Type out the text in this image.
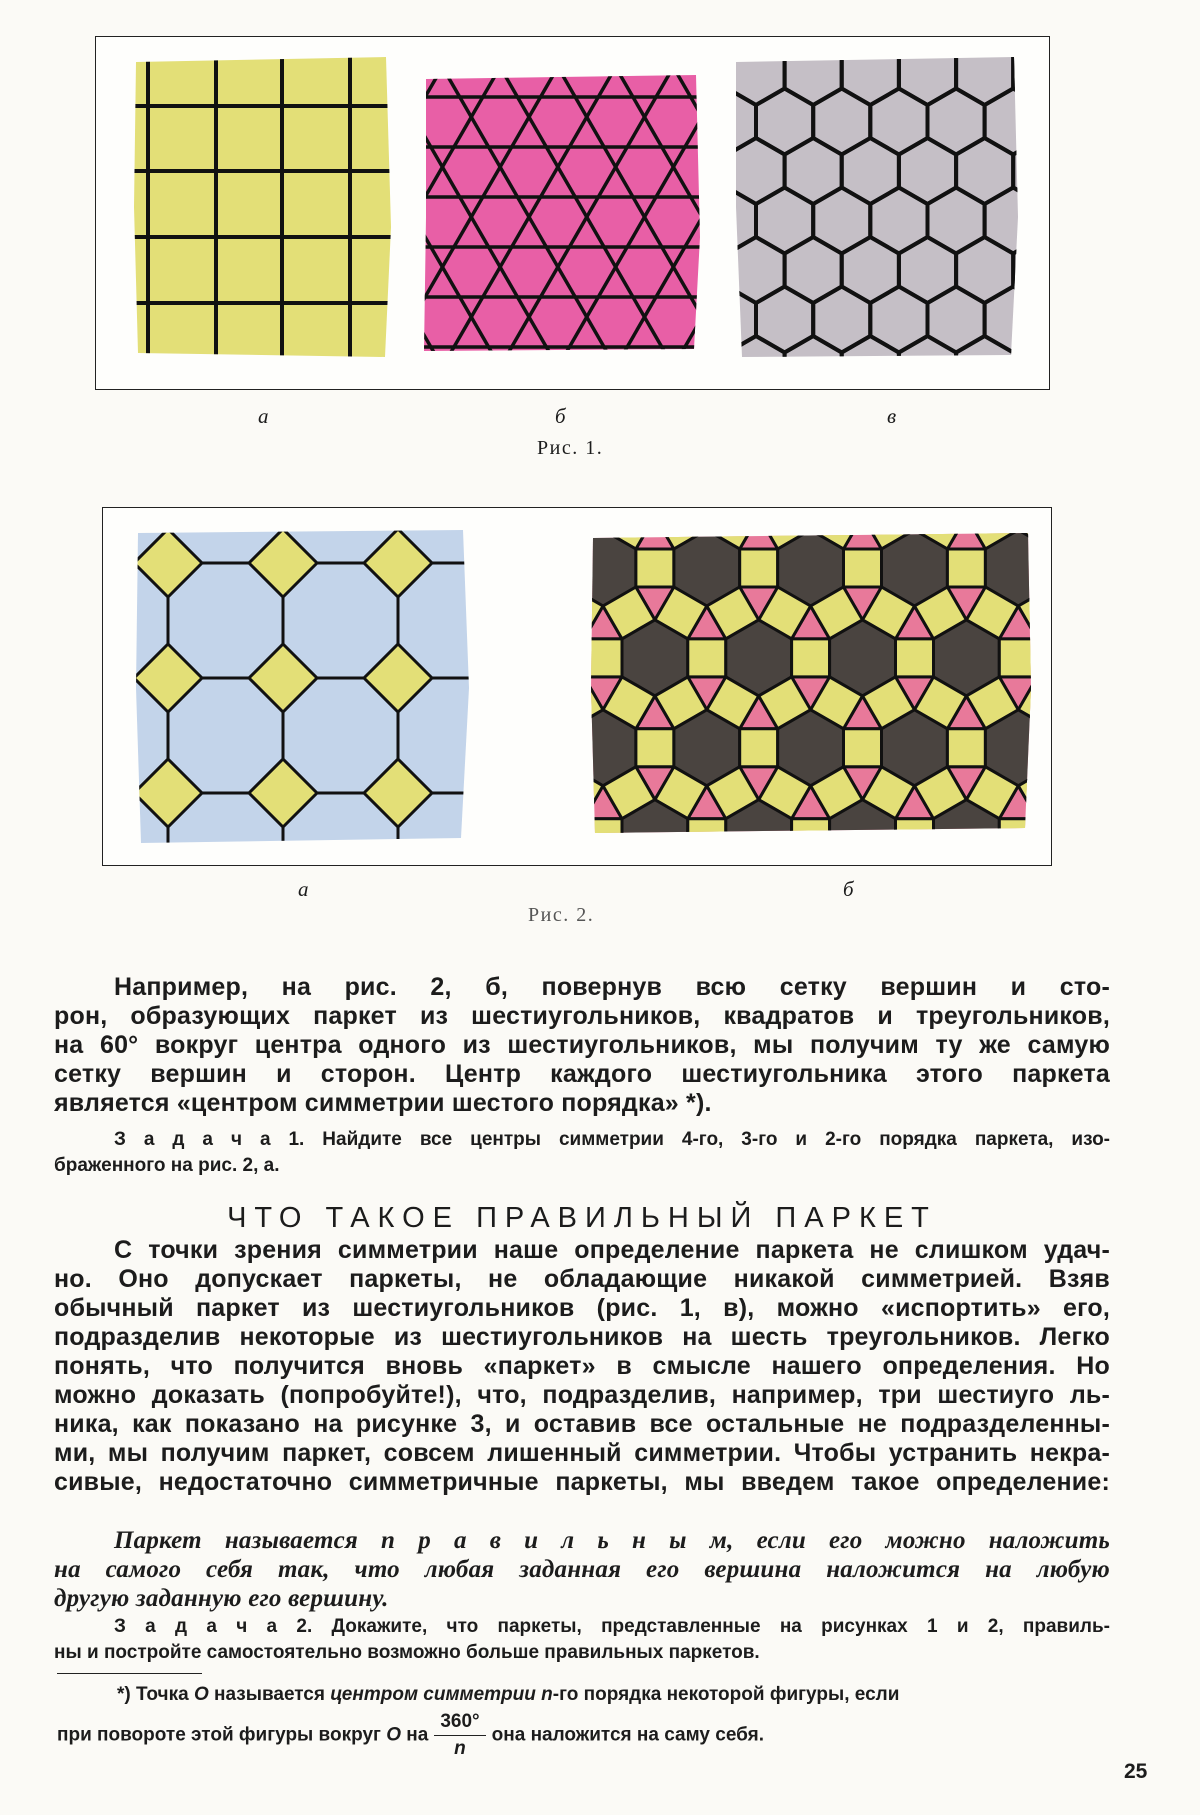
а	б	в
Рис. 1.
а	б
Рис. 2.
Например, на рис. 2, б, повернув всю сетку вершин и сто-
рон, образующих паркет из шестиугольников, квадратов и треугольников,
на 60° вокруг центра одного из шестиугольников, мы получим ту же самую
сетку вершин и сторон. Центр каждого шестиугольника этого паркета
является «центром симметрии шестого порядка» *).
З а д а ч а 1. Найдите все центры симметрии 4-го, 3-го и 2-го порядка паркета, изо-
браженного на рис. 2, а.
ЧТО ТАКОЕ ПРАВИЛЬНЫЙ ПАРКЕТ
С точки зрения симметрии наше определение паркета не слишком удач-
но. Оно допускает паркеты, не обладающие никакой симметрией. Взяв
обычный паркет из шестиугольников (рис. 1, в), можно «испортить» его,
подразделив некоторые из шестиугольников на шесть треугольников. Легко
понять, что получится вновь «паркет» в смысле нашего определения. Но
можно доказать (попробуйте!), что, подразделив, например, три шестиуго ль-
ника, как показано на рисунке 3, и оставив все остальные не подразделенны-
ми, мы получим паркет, совсем лишенный симметрии. Чтобы устранить некра-
сивые, недостаточно симметричные паркеты, мы введем такое определение:
Паркет называется п р а в и л ь н ы м, если его можно наложить
на самого себя так, что любая заданная его вершина наложится на любую
другую заданную его вершину.
З а д а ч а 2. Докажите, что паркеты, представленные на рисунках 1 и 2, правиль-
ны и постройте самостоятельно возможно больше правильных паркетов.
*) Точка О называется центром симметрии n-го порядка некоторой фигуры, если
при повороте этой фигуры вокруг О на $\frac{360^\circ}{n}$ она наложится на саму себя.
25
